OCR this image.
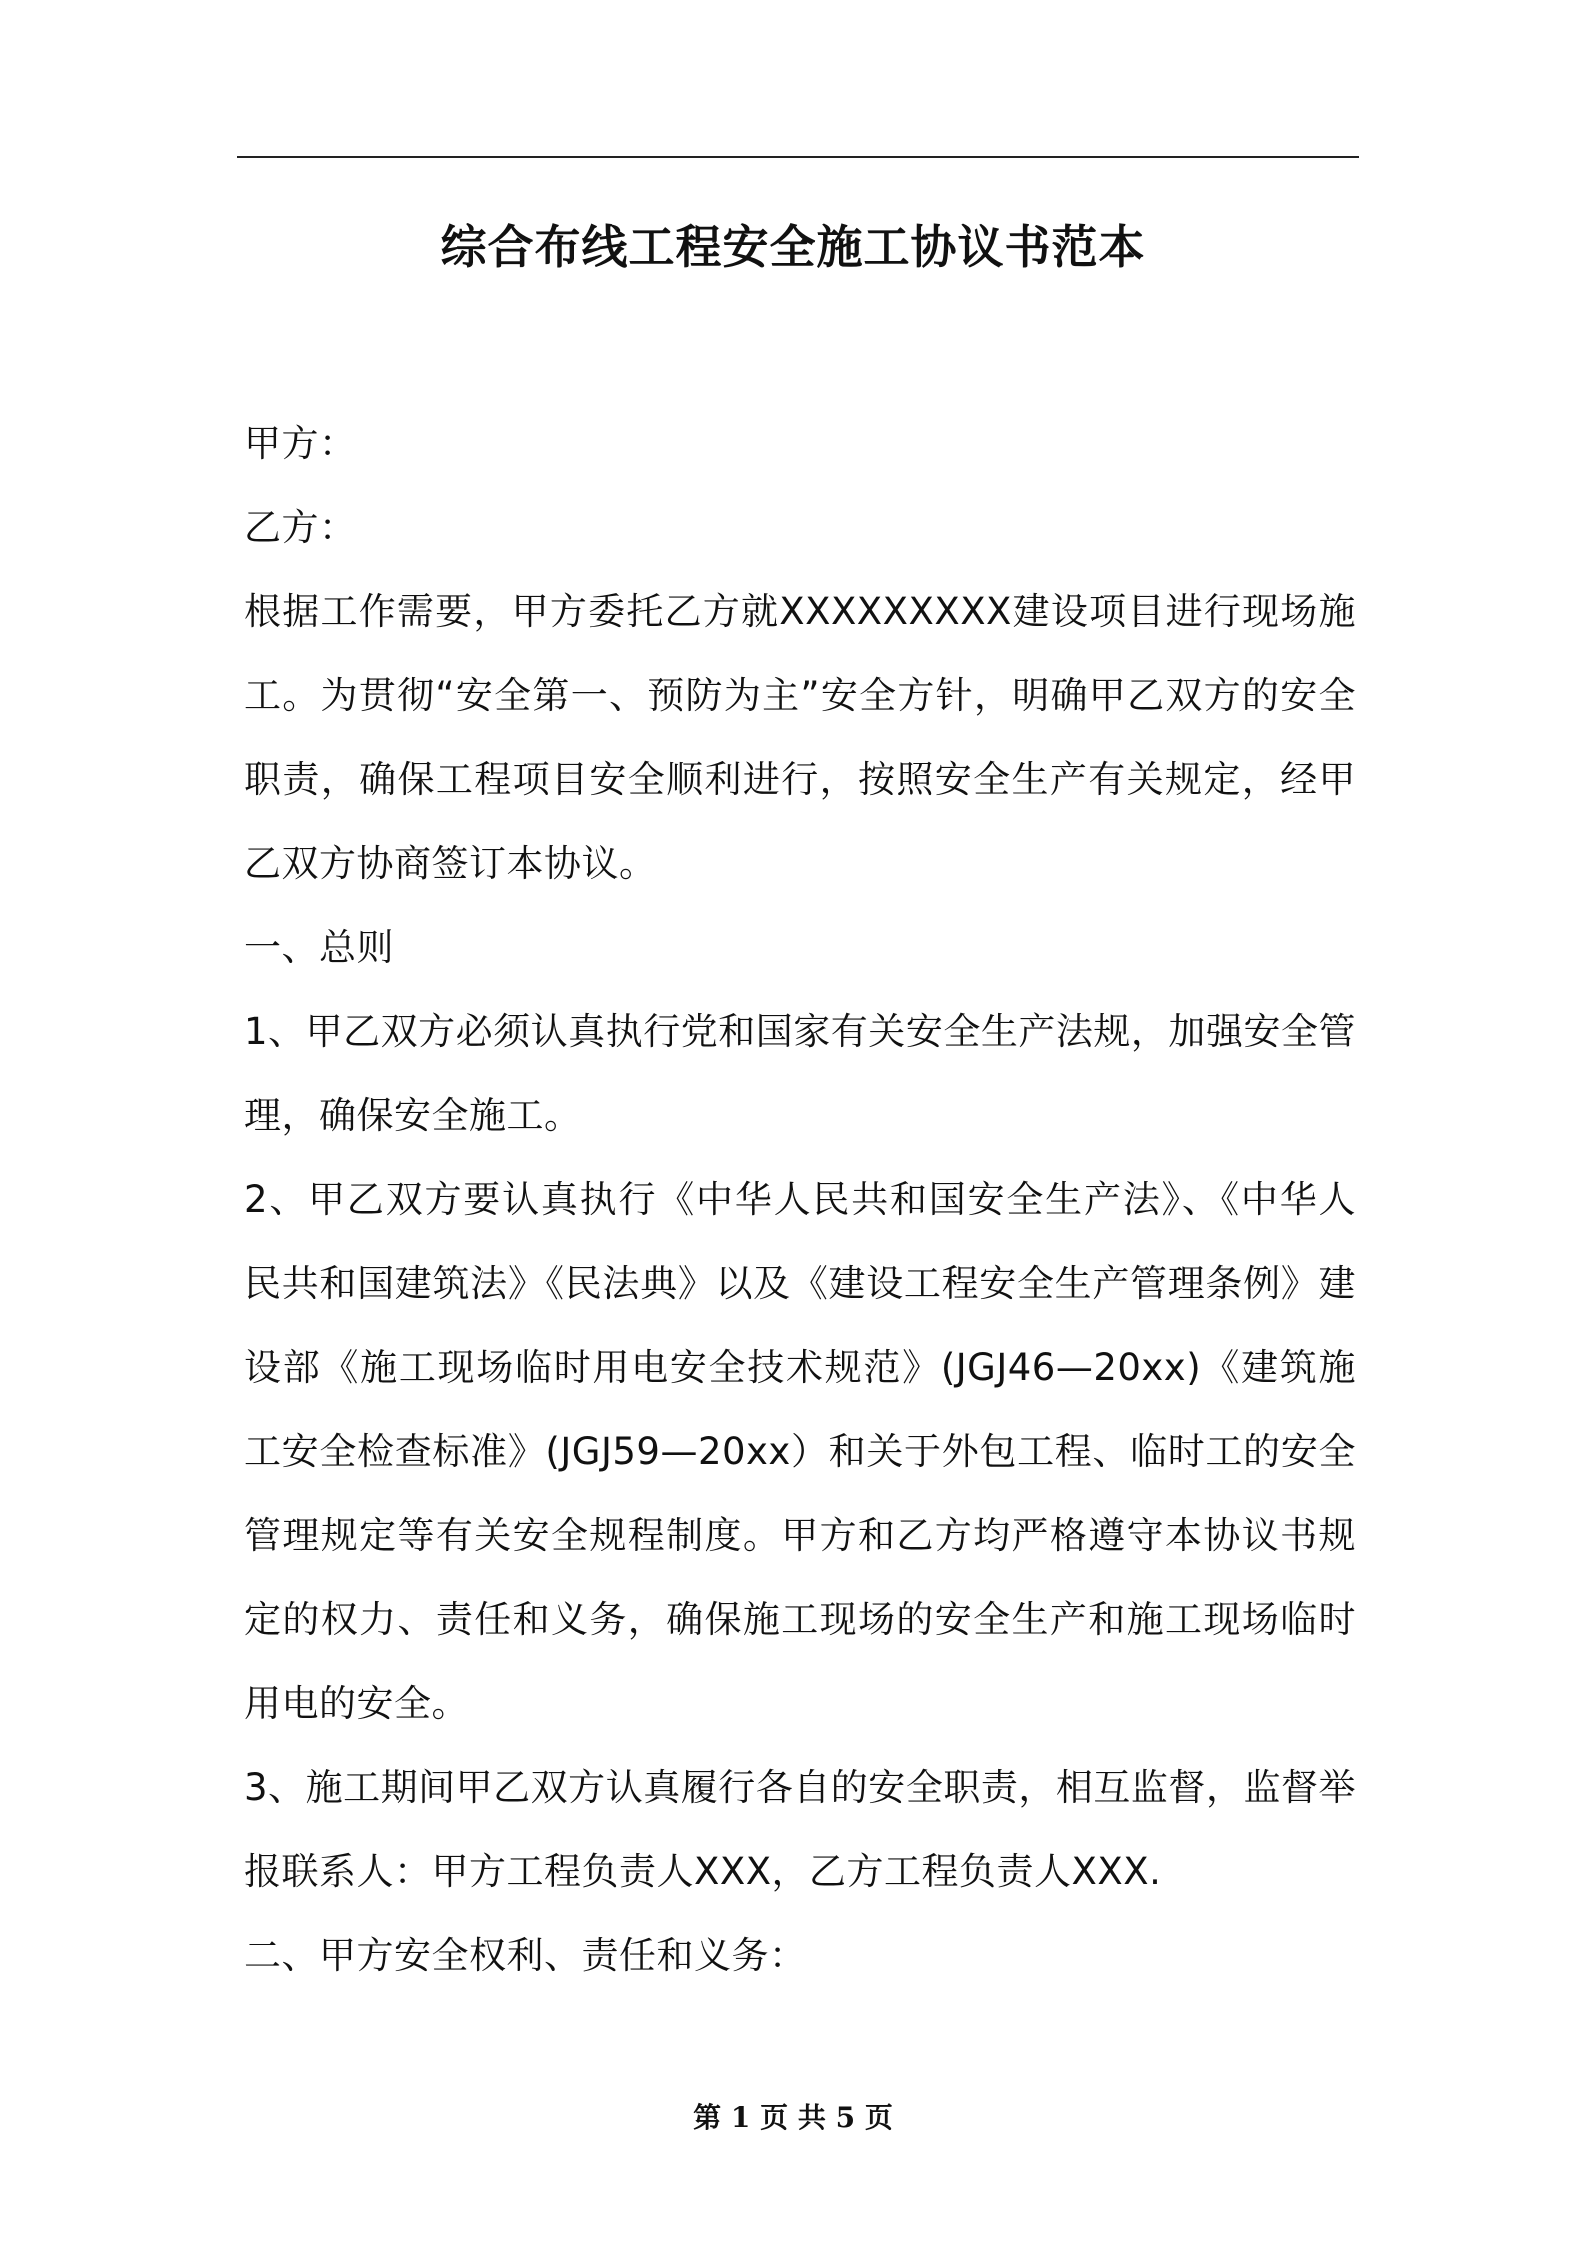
综合布线工程安全施工协议书范本

甲方：

乙方：

根据工作需要，甲方委托乙方就XXXXXXXXX建设项目进行现场施工。为贯彻“安全第一、预防为主”安全方针，明确甲乙双方的安全职责，确保工程项目安全顺利进行，按照安全生产有关规定，经甲乙双方协商签订本协议。

一、总则

1、甲乙双方必须认真执行党和国家有关安全生产法规，加强安全管理，确保安全施工。

2、甲乙双方要认真执行《中华人民共和国安全生产法》、《中华人民共和国建筑法》《民法典》以及《建设工程安全生产管理条例》建设部《施工现场临时用电安全技术规范》(JGJ46—20xx)《建筑施工安全检查标准》(JGJ59—20xx）和关于外包工程、临时工的安全管理规定等有关安全规程制度。甲方和乙方均严格遵守本协议书规定的权力、责任和义务，确保施工现场的安全生产和施工现场临时用电的安全。

3、施工期间甲乙双方认真履行各自的安全职责，相互监督，监督举报联系人：甲方工程负责人XXX，乙方工程负责人XXX.

二、甲方安全权利、责任和义务：

第 1 页 共 5 页
